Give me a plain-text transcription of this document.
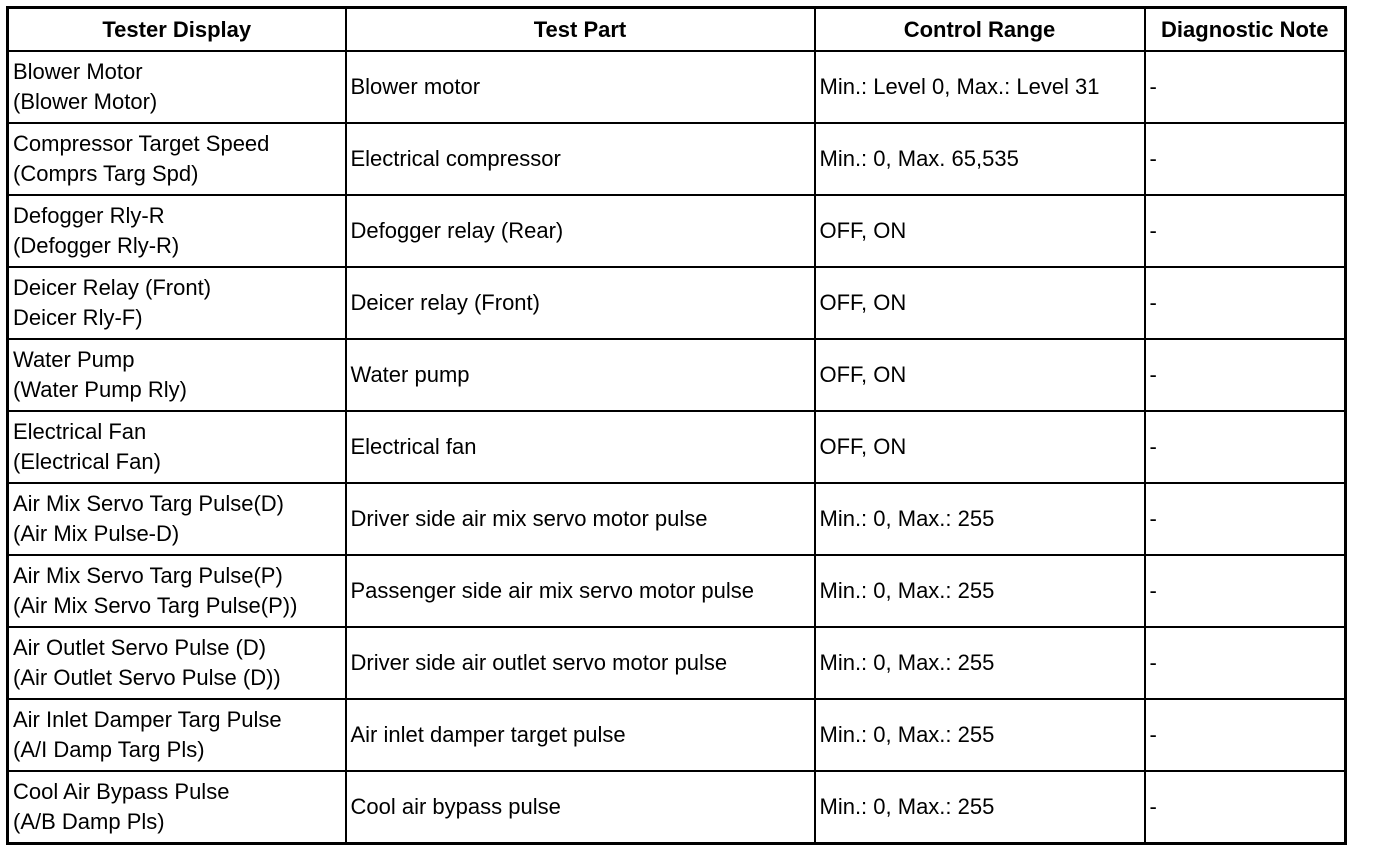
Tester Display	Test Part	Control Range	Diagnostic Note

Blower Motor
(Blower Motor)	Blower motor	Min.: Level 0, Max.: Level 31	-

Compressor Target Speed
(Comprs Targ Spd)	Electrical compressor	Min.: 0, Max. 65,535	-

Defogger Rly-R
(Defogger Rly-R)	Defogger relay (Rear)	OFF, ON	-

Deicer Relay (Front)
Deicer Rly-F)	Deicer relay (Front)	OFF, ON	-

Water Pump
(Water Pump Rly)	Water pump	OFF, ON	-

Electrical Fan
(Electrical Fan)	Electrical fan	OFF, ON	-

Air Mix Servo Targ Pulse(D)
(Air Mix Pulse-D)	Driver side air mix servo motor pulse	Min.: 0, Max.: 255	-

Air Mix Servo Targ Pulse(P)
(Air Mix Servo Targ Pulse(P))	Passenger side air mix servo motor pulse	Min.: 0, Max.: 255	-

Air Outlet Servo Pulse (D)
(Air Outlet Servo Pulse (D))	Driver side air outlet servo motor pulse	Min.: 0, Max.: 255	-

Air Inlet Damper Targ Pulse
(A/I Damp Targ Pls)	Air inlet damper target pulse	Min.: 0, Max.: 255	-

Cool Air Bypass Pulse
(A/B Damp Pls)	Cool air bypass pulse	Min.: 0, Max.: 255	-
